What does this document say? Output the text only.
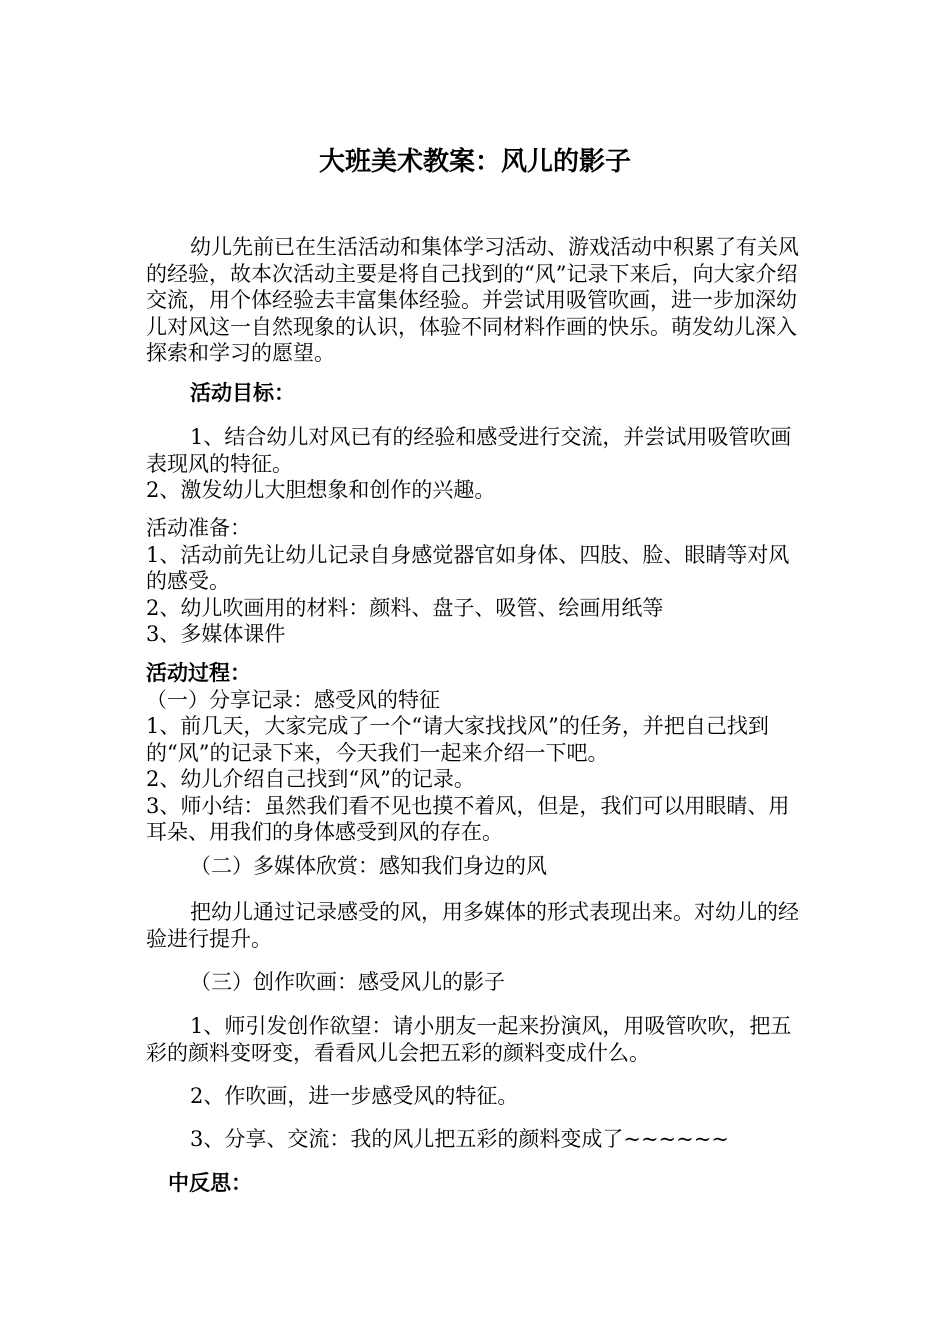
大班美术教案：风儿的影子

幼儿先前已在生活活动和集体学习活动、游戏活动中积累了有关风的经验，故本次活动主要是将自己找到的“风”记录下来后，向大家介绍交流，用个体经验去丰富集体经验。并尝试用吸管吹画，进一步加深幼儿对风这一自然现象的认识，体验不同材料作画的快乐。萌发幼儿深入探索和学习的愿望。

活动目标：

1、结合幼儿对风已有的经验和感受进行交流，并尝试用吸管吹画表现风的特征。

2、激发幼儿大胆想象和创作的兴趣。

活动准备：

1、活动前先让幼儿记录自身感觉器官如身体、四肢、脸、眼睛等对风的感受。

2、幼儿吹画用的材料：颜料、盘子、吸管、绘画用纸等

3、多媒体课件

活动过程：

（一）分享记录：感受风的特征

1、前几天，大家完成了一个“请大家找找风”的任务，并把自己找到的“风”的记录下来，今天我们一起来介绍一下吧。

2、幼儿介绍自己找到“风”的记录。

3、师小结：虽然我们看不见也摸不着风，但是，我们可以用眼睛、用耳朵、用我们的身体感受到风的存在。

（二）多媒体欣赏：感知我们身边的风

把幼儿通过记录感受的风，用多媒体的形式表现出来。对幼儿的经验进行提升。

（三）创作吹画：感受风儿的影子

1、师引发创作欲望：请小朋友一起来扮演风，用吸管吹吹，把五彩的颜料变呀变，看看风儿会把五彩的颜料变成什么。

2、作吹画，进一步感受风的特征。

3、分享、交流：我的风儿把五彩的颜料变成了~~~~~~

中反思：
